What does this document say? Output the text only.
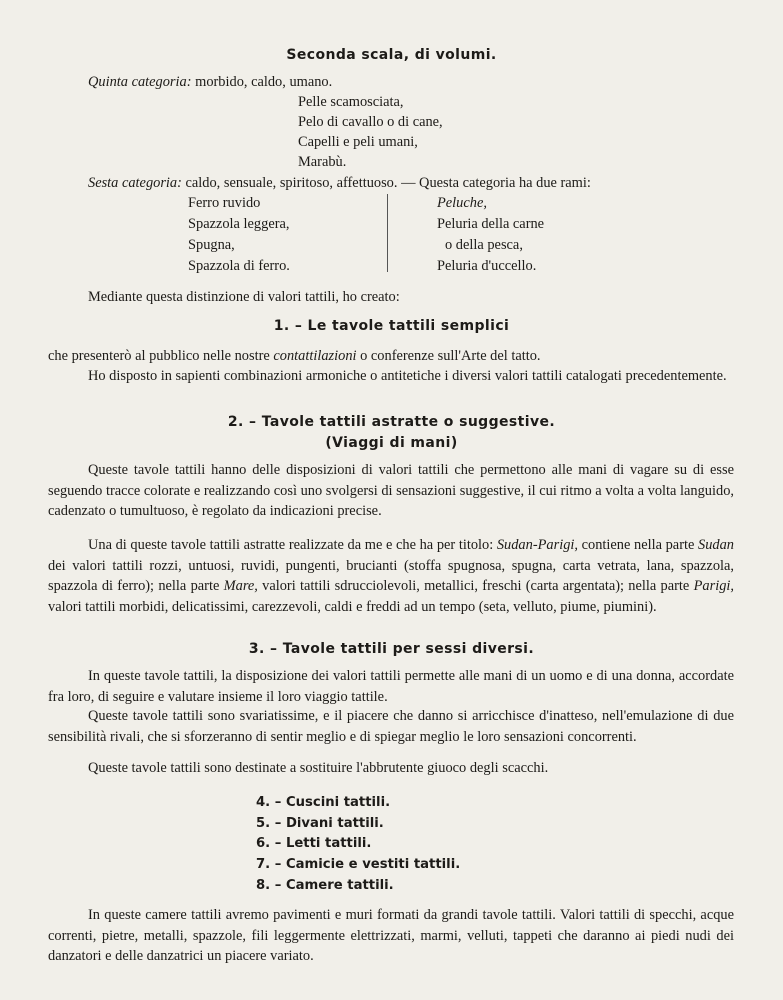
Seconda scala, di volumi.
Quinta categoria: morbido, caldo, umano.
Pelle scamosciata,
Pelo di cavallo o di cane,
Capelli e peli umani,
Marabù.
Sesta categoria: caldo, sensuale, spiritoso, affettuoso. — Questa categoria ha due rami:
Ferro ruvido
Spazzola leggera,
Spugna,
Spazzola di ferro.
Peluche,
Peluria della carne
o della pesca,
Peluria d'uccello.
Mediante questa distinzione di valori tattili, ho creato:
1. – Le tavole tattili semplici
che presenterò al pubblico nelle nostre contattilazioni o conferenze sull'Arte del tatto.
Ho disposto in sapienti combinazioni armoniche o antitetiche i diversi valori tattili catalogati precedentemente.
2. – Tavole tattili astratte o suggestive.
(Viaggi di mani)
Queste tavole tattili hanno delle disposizioni di valori tattili che permettono alle mani di vagare su di esse seguendo tracce colorate e realizzando così uno svolgersi di sensazioni suggestive, il cui ritmo a volta a volta languido, cadenzato o tumultuoso, è regolato da indicazioni precise.
Una di queste tavole tattili astratte realizzate da me e che ha per titolo: Sudan-Parigi, contiene nella parte Sudan dei valori tattili rozzi, untuosi, ruvidi, pungenti, brucianti (stoffa spugnosa, spugna, carta vetrata, lana, spazzola, spazzola di ferro); nella parte Mare, valori tattili sdrucciolevoli, metallici, freschi (carta argentata); nella parte Parigi, valori tattili morbidi, delicatissimi, carezzevoli, caldi e freddi ad un tempo (seta, velluto, piume, piumini).
3. – Tavole tattili per sessi diversi.
In queste tavole tattili, la disposizione dei valori tattili permette alle mani di un uomo e di una donna, accordate fra loro, di seguire e valutare insieme il loro viaggio tattile.
Queste tavole tattili sono svariatissime, e il piacere che danno si arricchisce d'inatteso, nell'emulazione di due sensibilità rivali, che si sforzeranno di sentir meglio e di spiegar meglio le loro sensazioni concorrenti.
Queste tavole tattili sono destinate a sostituire l'abbrutente giuoco degli scacchi.
4. – Cuscini tattili.
5. – Divani tattili.
6. – Letti tattili.
7. – Camicie e vestiti tattili.
8. – Camere tattili.
In queste camere tattili avremo pavimenti e muri formati da grandi tavole tattili. Valori tattili di specchi, acque correnti, pietre, metalli, spazzole, fili leggermente elettrizzati, marmi, velluti, tappeti che daranno ai piedi nudi dei danzatori e delle danzatrici un piacere variato.
